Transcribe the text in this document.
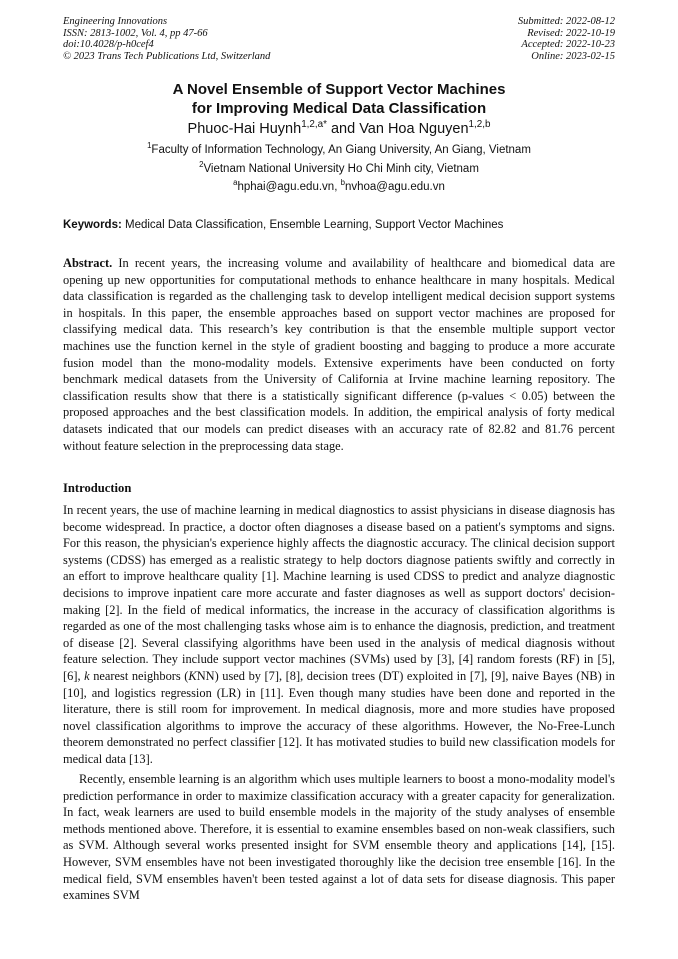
Engineering Innovations
ISSN: 2813-1002, Vol. 4, pp 47-66
doi:10.4028/p-h0cef4
© 2023 Trans Tech Publications Ltd, Switzerland
Submitted: 2022-08-12
Revised: 2022-10-19
Accepted: 2022-10-23
Online: 2023-02-15
A Novel Ensemble of Support Vector Machines
for Improving Medical Data Classification
Phuoc-Hai Huynh$^{1,2,a*}$ and Van Hoa Nguyen$^{1,2,b}$
$^1$Faculty of Information Technology, An Giang University, An Giang, Vietnam
$^2$Vietnam National University Ho Chi Minh city, Vietnam
$^a$hphai@agu.edu.vn, $^b$nvhoa@agu.edu.vn
Keywords: Medical Data Classification, Ensemble Learning, Support Vector Machines
Abstract. In recent years, the increasing volume and availability of healthcare and biomedical data are opening up new opportunities for computational methods to enhance healthcare in many hospitals. Medical data classification is regarded as the challenging task to develop intelligent medical decision support systems in hospitals. In this paper, the ensemble approaches based on support vector machines are proposed for classifying medical data. This research’s key contribution is that the ensemble multiple support vector machines use the function kernel in the style of gradient boosting and bagging to produce a more accurate fusion model than the mono-modality models. Extensive experiments have been conducted on forty benchmark medical datasets from the University of California at Irvine machine learning repository. The classification results show that there is a statistically significant difference (p-values < 0.05) between the proposed approaches and the best classification models. In addition, the empirical analysis of forty medical datasets indicated that our models can predict diseases with an accuracy rate of 82.82 and 81.76 percent without feature selection in the preprocessing data stage.
Introduction
In recent years, the use of machine learning in medical diagnostics to assist physicians in disease diagnosis has become widespread. In practice, a doctor often diagnoses a disease based on a patient's symptoms and signs. For this reason, the physician's experience highly affects the diagnostic accuracy. The clinical decision support systems (CDSS) has emerged as a realistic strategy to help doctors diagnose patients swiftly and correctly in an effort to improve healthcare quality [1]. Machine learning is used CDSS to predict and analyze diagnostic decisions to improve inpatient care more accurate and faster diagnoses as well as support doctors' decision-making [2]. In the field of medical informatics, the increase in the accuracy of classification algorithms is regarded as one of the most challenging tasks whose aim is to enhance the diagnosis, prediction, and treatment of disease [2]. Several classifying algorithms have been used in the analysis of medical diagnosis without feature selection. They include support vector machines (SVMs) used by [3], [4] random forests (RF) in [5], [6], k nearest neighbors (KNN) used by [7], [8], decision trees (DT) exploited in [7], [9], naive Bayes (NB) in [10], and logistics regression (LR) in [11]. Even though many studies have been done and reported in the literature, there is still room for improvement. In medical diagnosis, more and more studies have proposed novel classification algorithms to improve the accuracy of these algorithms. However, the No-Free-Lunch theorem demonstrated no perfect classifier [12]. It has motivated studies to build new classification models for medical data [13].
Recently, ensemble learning is an algorithm which uses multiple learners to boost a mono-modality model's prediction performance in order to maximize classification accuracy with a greater capacity for generalization. In fact, weak learners are used to build ensemble models in the majority of the study analyses of ensemble methods mentioned above. Therefore, it is essential to examine ensembles based on non-weak classifiers, such as SVM. Although several works presented insight for SVM ensemble theory and applications [14], [15]. However, SVM ensembles have not been investigated thoroughly like the decision tree ensemble [16]. In the medical field, SVM ensembles haven't been tested against a lot of data sets for disease diagnosis. This paper examines SVM
